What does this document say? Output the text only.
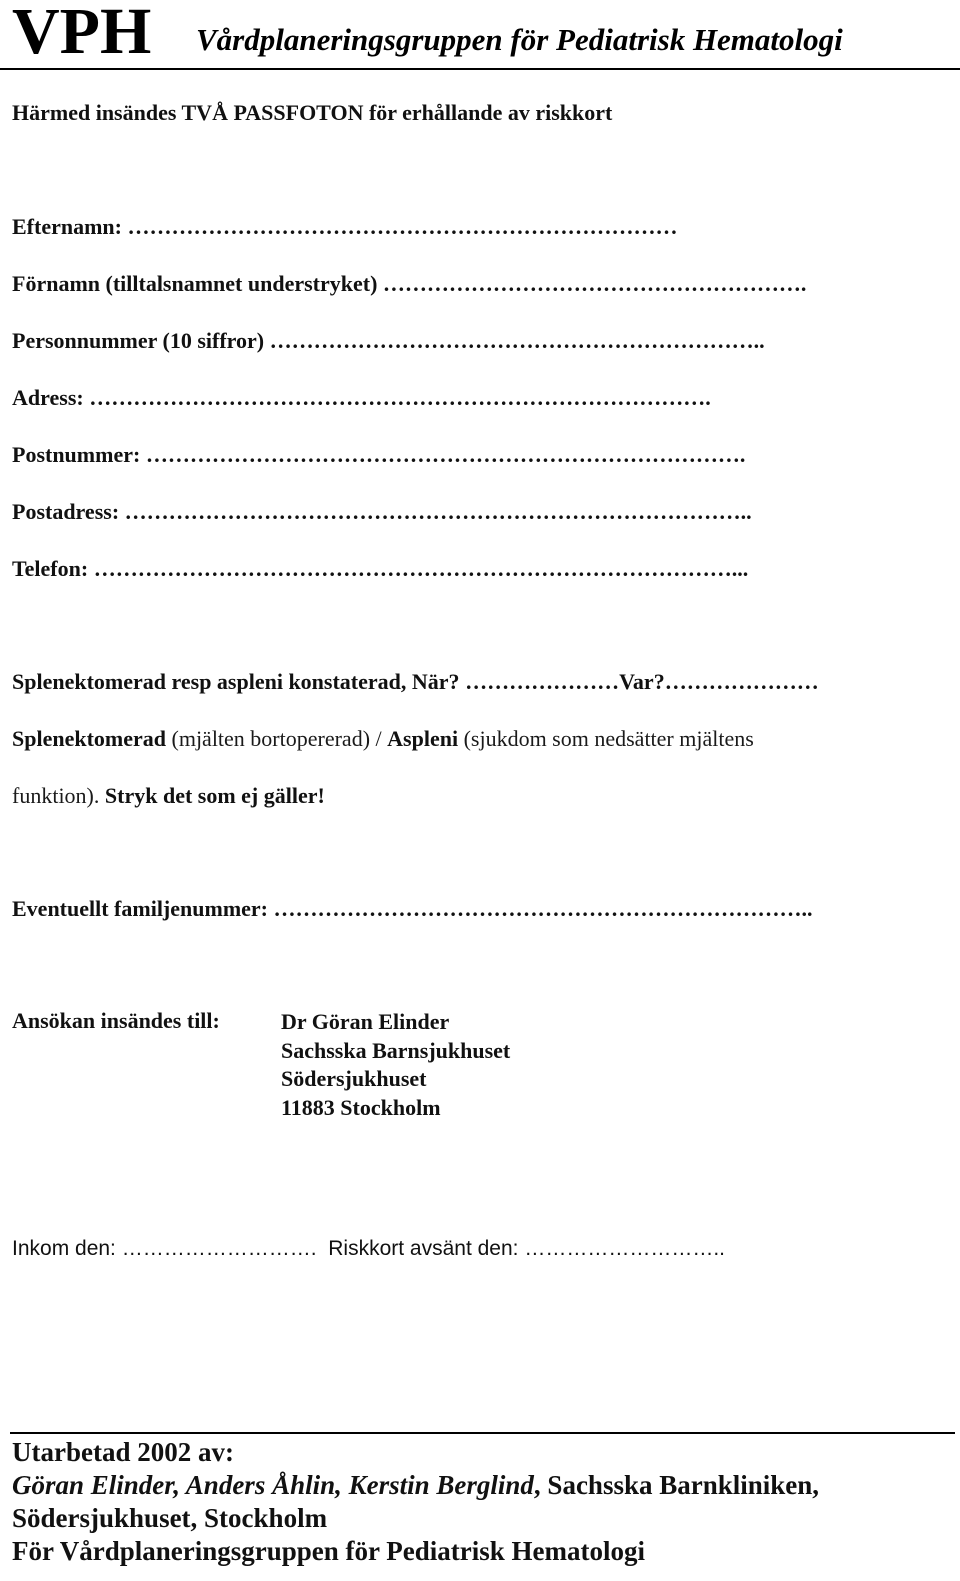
VPH Vårdplaneringsgruppen för Pediatrisk Hematologi
Härmed insändes TVÅ PASSFOTON för erhållande av riskkort
Efternamn: …………………………………………………………………
Förnamn (tilltalsnamnet understryket) ………………………………………………….
Personnummer (10 siffror) …………………………………………………………..
Adress: ………………………………………………………………………….
Postnummer: ……………………………………………………………………….
Postadress: …………………………………………………………………………..
Telefon: ……………………………………………………………………………...
Splenektomerad resp aspleni konstaterad, När? …………………Var?…………………
Splenektomerad (mjälten bortopererad) / Aspleni (sjukdom som nedsätter mjältens
funktion). Stryk det som ej gäller!
Eventuellt familjenummer: ………………………………………………………………..
Ansökan insändes till:	Dr Göran Elinder
Sachsska Barnsjukhuset
Södersjukhuset
11883 Stockholm
Inkom den: ………………………. Riskkort avsänt den: ………………………..
Utarbetad 2002 av:
Göran Elinder, Anders Åhlin, Kerstin Berglind, Sachsska Barnkliniken,
Södersjukhuset, Stockholm
För Vårdplaneringsgruppen för Pediatrisk Hematologi
